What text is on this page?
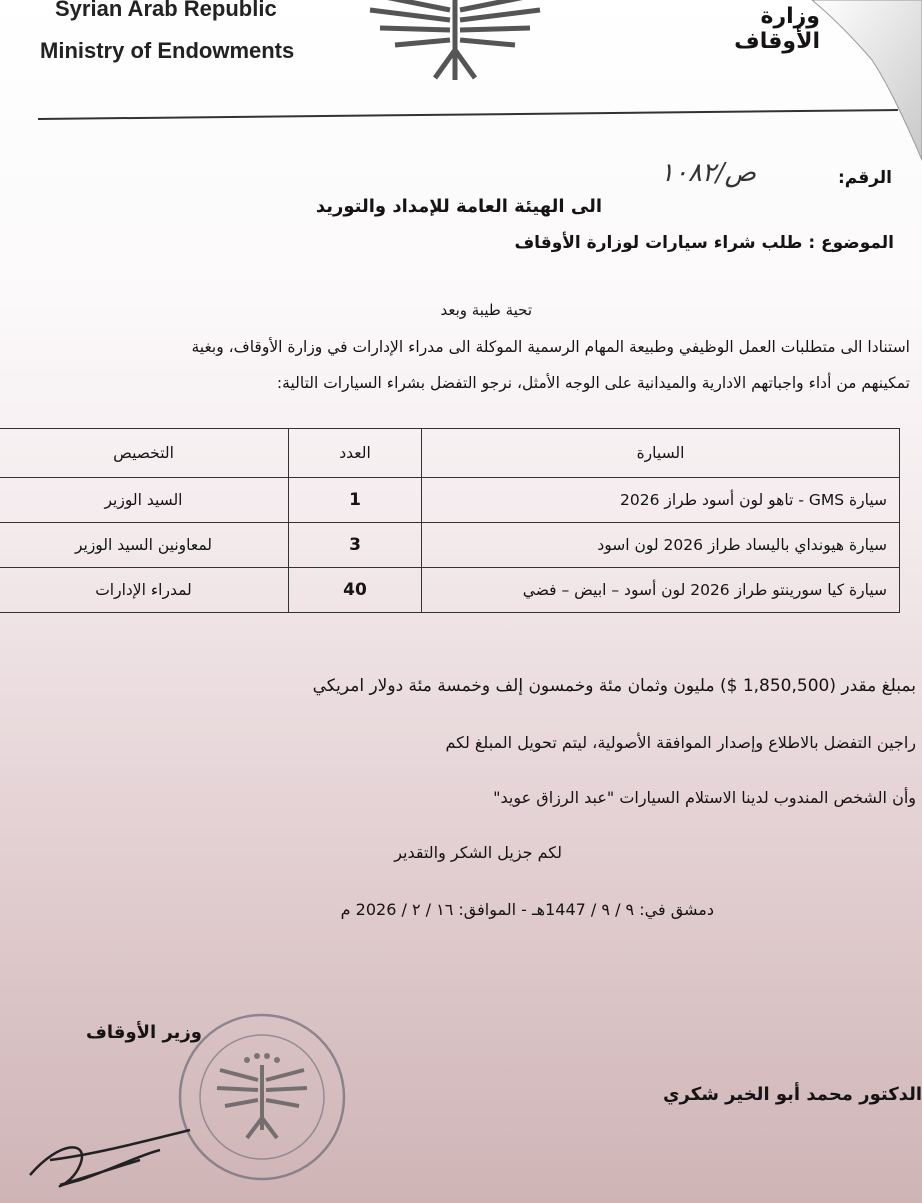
Syrian Arab Republic
Ministry of Endowments
وزارة الأوقاف
الرقم:
ص/١٠٨٢
الى الهيئة العامة للإمداد والتوريد
الموضوع : طلب شراء سيارات لوزارة الأوقاف
تحية طيبة وبعد
استنادا الى متطلبات العمل الوظيفي وطبيعة المهام الرسمية الموكلة الى مدراء الإدارات في وزارة الأوقاف، وبغية
تمكينهم من أداء واجباتهم الادارية والميدانية على الوجه الأمثل، نرجو التفضل بشراء السيارات التالية:
السيارة	العدد	التخصيص
سيارة GMS - تاهو لون أسود طراز 2026	1	السيد الوزير
سيارة هيونداي باليساد طراز 2026 لون اسود	3	لمعاونين السيد الوزير
سيارة كيا سورينتو طراز 2026 لون أسود – ابيض – فضي	40	لمدراء الإدارات
بمبلغ مقدر (1,850,500 $) مليون وثمان مئة وخمسون إلف وخمسة مئة دولار امريكي
راجين التفضل بالاطلاع وإصدار الموافقة الأصولية، ليتم تحويل المبلغ لكم
وأن الشخص المندوب لدينا الاستلام السيارات "عبد الرزاق عويد"
لكم جزيل الشكر والتقدير
دمشق في: ٩ / ٩ / 1447هـ - الموافق: ١٦ / ٢ / 2026 م
وزير الأوقاف
الدكتور محمد أبو الخير شكري
